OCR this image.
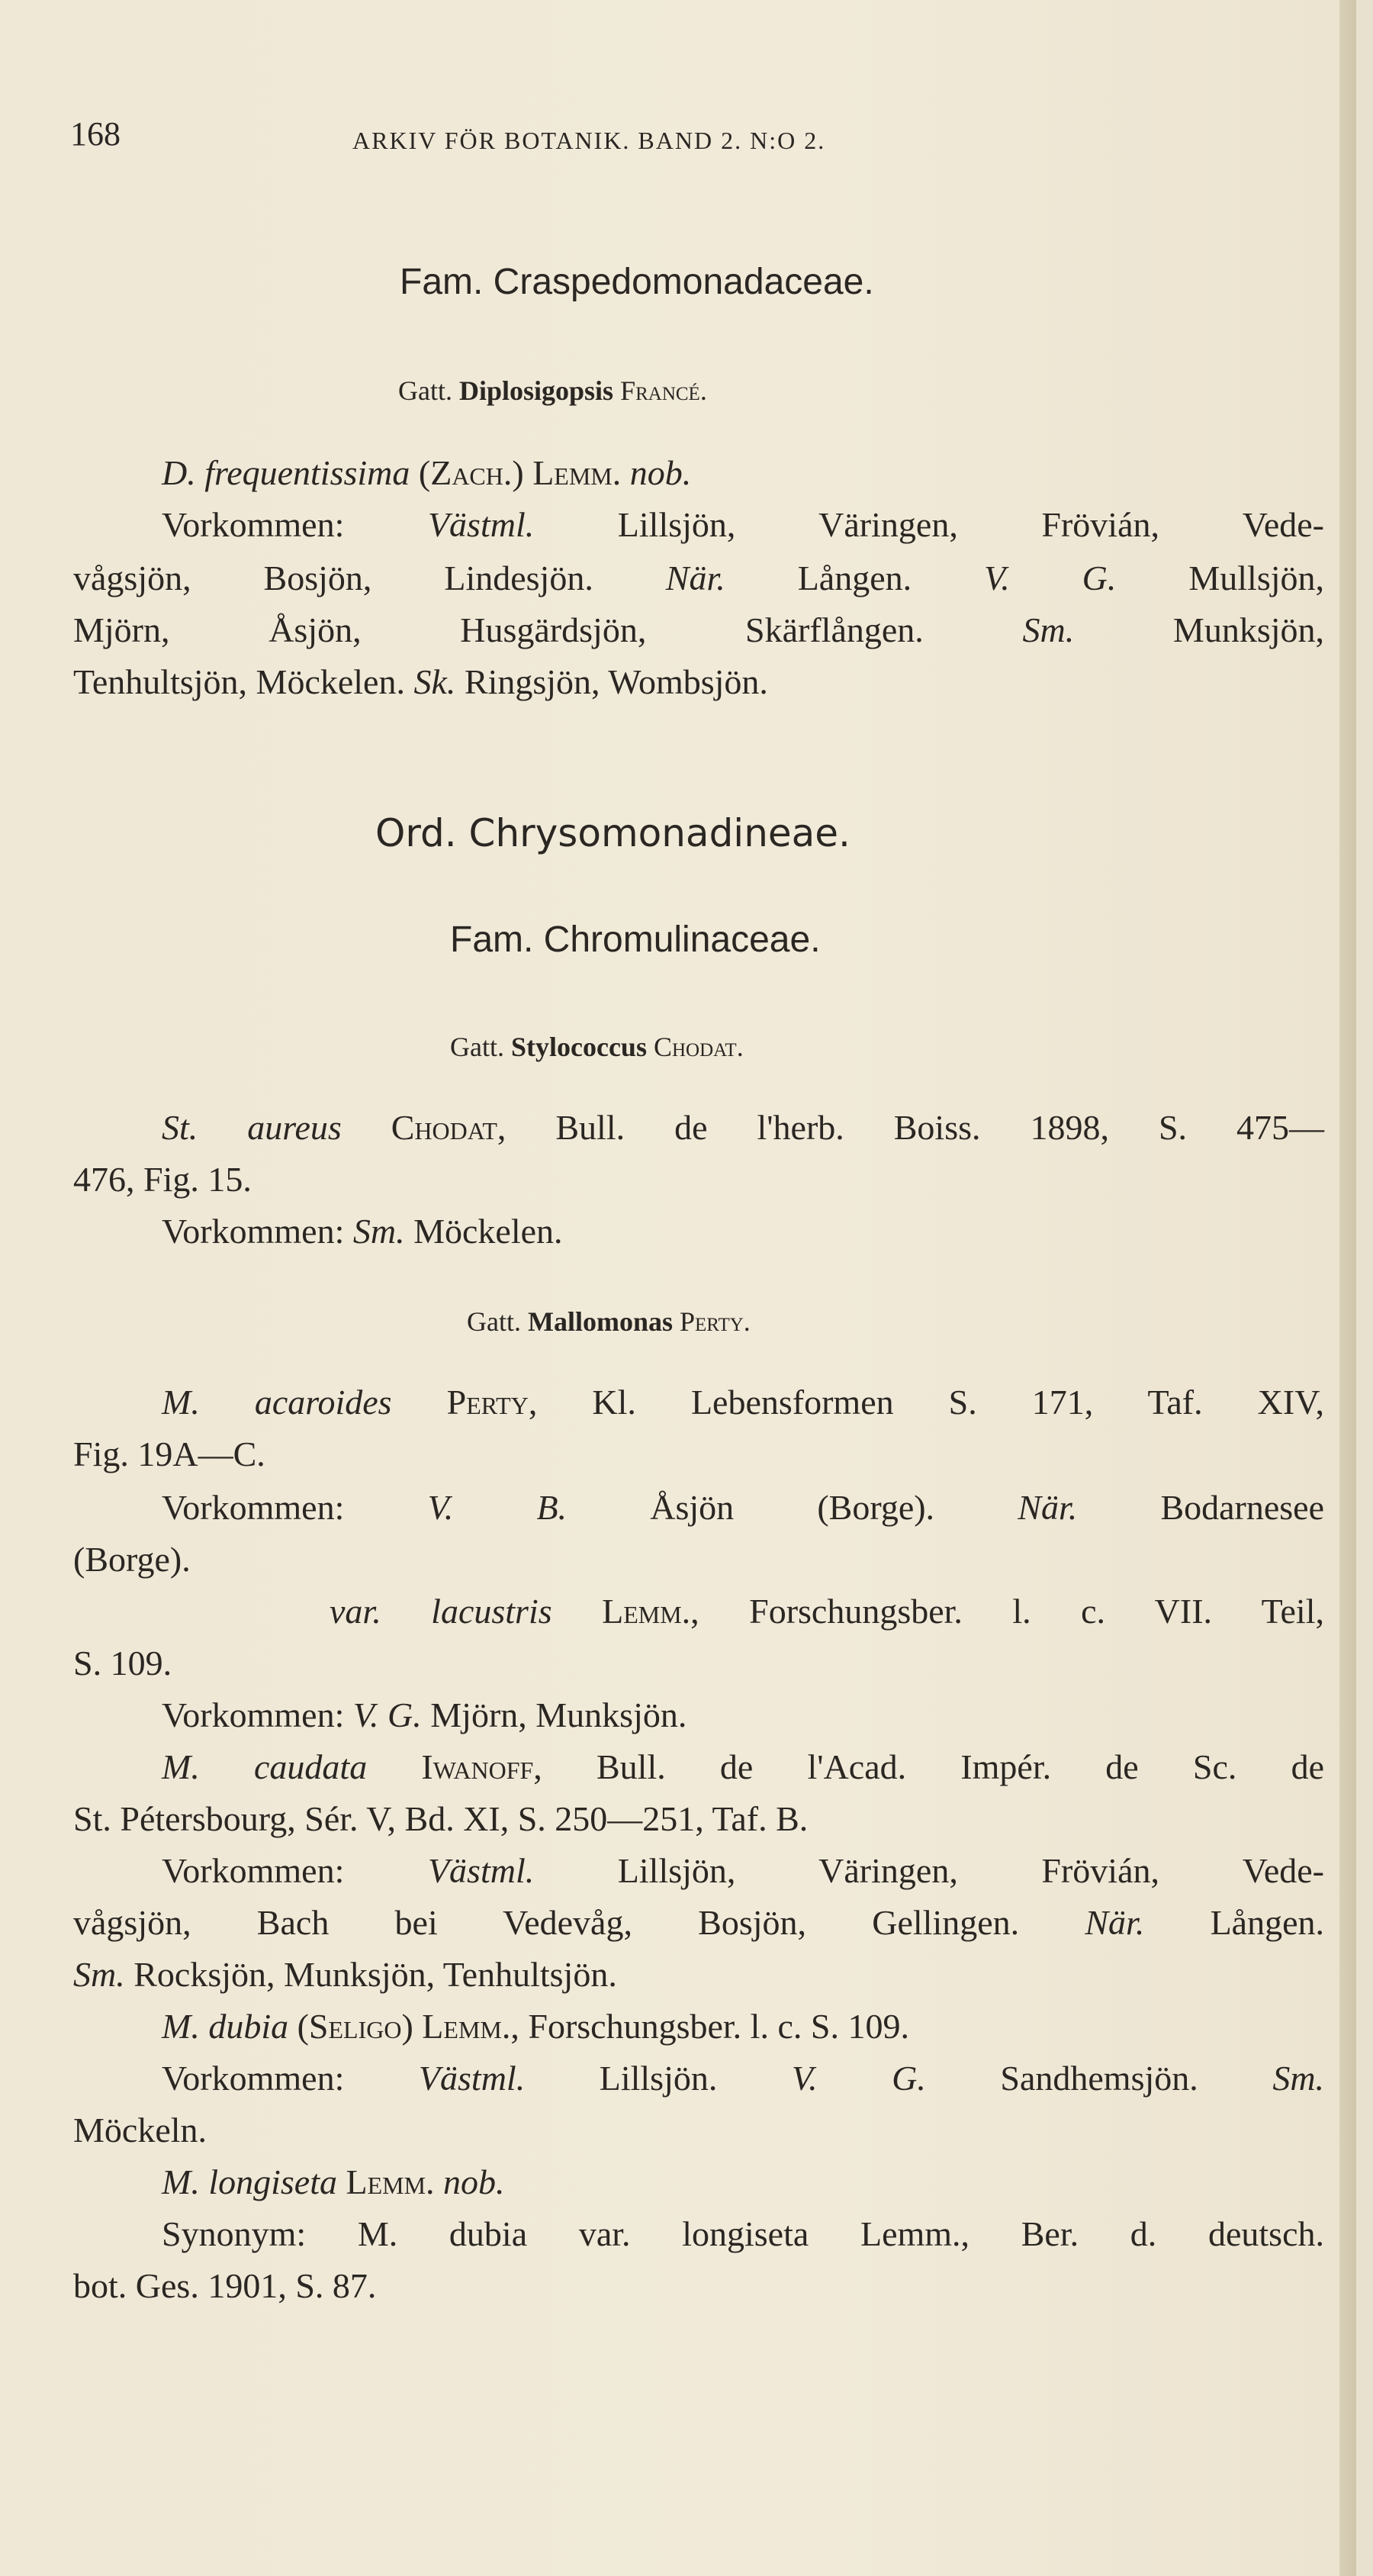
168	ARKIV FÖR BOTANIK. BAND 2. N:O 2.
Fam. Craspedomonadaceae.
Gatt. Diplosigopsis Francé.
D. frequentissima (Zach.) Lemm. nob.
Vorkommen: Västml. Lillsjön, Väringen, Frövián, Vede-
vågsjön, Bosjön, Lindesjön. När. Lången. V. G. Mullsjön,
Mjörn, Åsjön, Husgärdsjön, Skärflången.	Sm. Munksjön,
Tenhultsjön, Möckelen. Sk. Ringsjön, Wombsjön.
Ord. Chrysomonadineae.
Fam. Chromulinaceae.
Gatt. Stylococcus Chodat.
St. aureus Chodat, Bull. de l'herb. Boiss. 1898, S. 475—
476, Fig. 15.
Vorkommen: Sm. Möckelen.
Gatt. Mallomonas Perty.
M. acaroides Perty, Kl. Lebensformen S. 171, Taf. XIV,
Fig. 19A—C.
Vorkommen: V. B. Åsjön (Borge). När. Bodarnesee
(Borge).
var. lacustris Lemm., Forschungsber. l. c. VII. Teil,
S. 109.
Vorkommen: V. G. Mjörn, Munksjön.
M. caudata Iwanoff, Bull. de l'Acad. Impér. de Sc. de
St. Pétersbourg, Sér. V, Bd. XI, S. 250—251, Taf. B.
Vorkommen: Västml. Lillsjön, Väringen, Frövián, Vede-
vågsjön, Bach bei Vedevåg, Bosjön, Gellingen. När. Lången.
Sm. Rocksjön, Munksjön, Tenhultsjön.
M. dubia (Seligo) Lemm., Forschungsber. l. c. S. 109.
Vorkommen: Västml. Lillsjön. V. G. Sandhemsjön. Sm.
Möckeln.
M. longiseta Lemm. nob.
Synonym: M. dubia var. longiseta Lemm., Ber. d. deutsch.
bot. Ges. 1901, S. 87.
